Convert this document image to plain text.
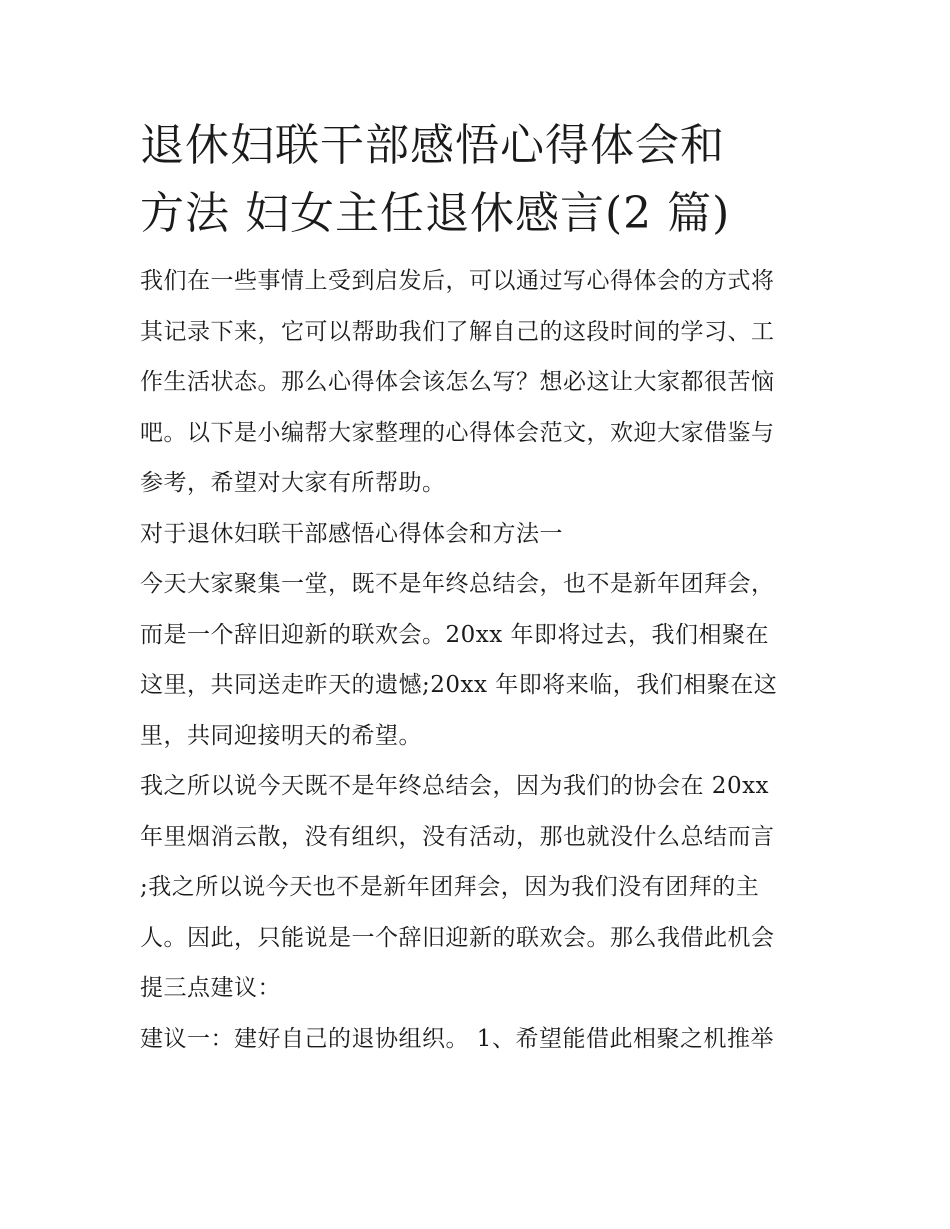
退休妇联干部感悟心得体会和
方法 妇女主任退休感言(2 篇)

我们在一些事情上受到启发后，可以通过写心得体会的方式将
其记录下来，它可以帮助我们了解自己的这段时间的学习、工
作生活状态。那么心得体会该怎么写？想必这让大家都很苦恼
吧。以下是小编帮大家整理的心得体会范文，欢迎大家借鉴与
参考，希望对大家有所帮助。

对于退休妇联干部感悟心得体会和方法一

今天大家聚集一堂，既不是年终总结会，也不是新年团拜会，
而是一个辞旧迎新的联欢会。20xx 年即将过去，我们相聚在
这里，共同送走昨天的遗憾;20xx 年即将来临，我们相聚在这
里，共同迎接明天的希望。

我之所以说今天既不是年终总结会，因为我们的协会在 20xx
年里烟消云散，没有组织，没有活动，那也就没什么总结而言
;我之所以说今天也不是新年团拜会，因为我们没有团拜的主
人。因此，只能说是一个辞旧迎新的联欢会。那么我借此机会
提三点建议：

建议一：建好自己的退协组织。 1、希望能借此相聚之机推举
